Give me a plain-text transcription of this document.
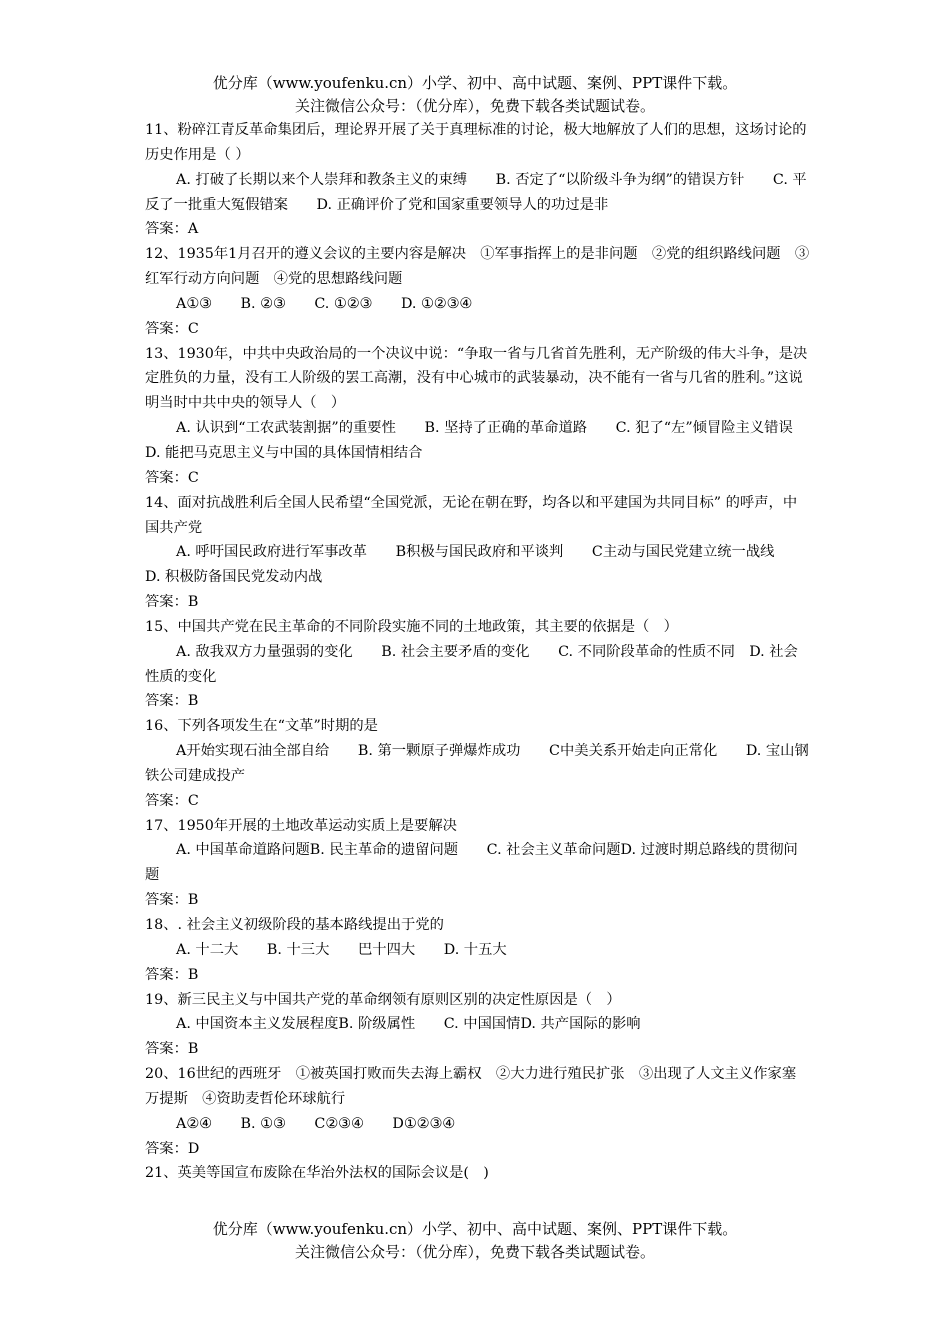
优分库（www.youfenku.cn）小学、初中、高中试题、案例、PPT课件下载。
关注微信公众号：（优分库），免费下载各类试题试卷。

11、粉碎江青反革命集团后，理论界开展了关于真理标准的讨论，极大地解放了人们的思想，这场讨论的历史作用是（ ）

A. 打破了长期以来个人崇拜和教条主义的束缚　　B. 否定了“以阶级斗争为纲”的错误方针　　C. 平反了一批重大冤假错案　　D. 正确评价了党和国家重要领导人的功过是非

答案：A

12、1935年1月召开的遵义会议的主要内容是解决　①军事指挥上的是非问题　②党的组织路线问题　③红军行动方向问题　④党的思想路线问题

A①③　　B. ②③　　C. ①②③　　D. ①②③④

答案：C

13、1930年，中共中央政治局的一个决议中说：“争取一省与几省首先胜利，无产阶级的伟大斗争，是决定胜负的力量，没有工人阶级的罢工高潮，没有中心城市的武装暴动，决不能有一省与几省的胜利。”这说明当时中共中央的领导人（　）

A. 认识到“工农武装割据”的重要性　　B. 坚持了正确的革命道路　　C. 犯了“左”倾冒险主义错误　　D. 能把马克思主义与中国的具体国情相结合

答案：C

14、面对抗战胜利后全国人民希望“全国党派，无论在朝在野，均各以和平建国为共同目标” 的呼声，中国共产党

A. 呼吁国民政府进行军事改革　　B积极与国民政府和平谈判　　C主动与国民党建立统一战线　　D. 积极防备国民党发动内战

答案：B

15、中国共产党在民主革命的不同阶段实施不同的土地政策，其主要的依据是（　）

A. 敌我双方力量强弱的变化　　B. 社会主要矛盾的变化　　C. 不同阶段革命的性质不同　D. 社会性质的变化

答案：B

16、下列各项发生在“文革”时期的是

A开始实现石油全部自给　　B. 第一颗原子弹爆炸成功　　C中美关系开始走向正常化　　D. 宝山钢铁公司建成投产

答案：C

17、1950年开展的土地改革运动实质上是要解决

A. 中国革命道路问题B. 民主革命的遗留问题　　C. 社会主义革命问题D. 过渡时期总路线的贯彻问题

答案：B

18、. 社会主义初级阶段的基本路线提出于党的

A. 十二大　　B. 十三大　　巴十四大　　D. 十五大

答案：B

19、新三民主义与中国共产党的革命纲领有原则区别的决定性原因是（　）

A. 中国资本主义发展程度B. 阶级属性　　C. 中国国情D. 共产国际的影响

答案：B

20、16世纪的西班牙　①被英国打败而失去海上霸权　②大力进行殖民扩张　③出现了人文主义作家塞万提斯　④资助麦哲伦环球航行

A②④　　B. ①③　　C②③④　　D①②③④

答案：D

21、英美等国宣布废除在华治外法权的国际会议是(　)

优分库（www.youfenku.cn）小学、初中、高中试题、案例、PPT课件下载。
关注微信公众号：（优分库），免费下载各类试题试卷。
